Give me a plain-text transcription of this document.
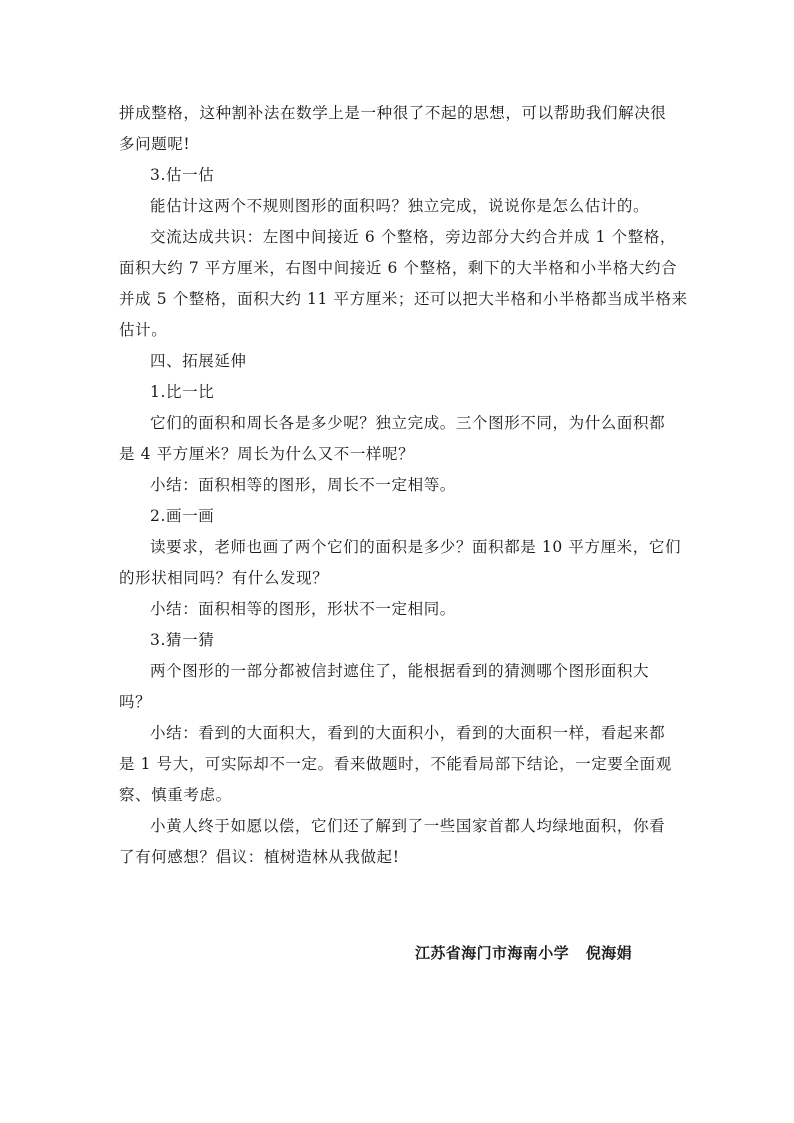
拼成整格，这种割补法在数学上是一种很了不起的思想，可以帮助我们解决很

多问题呢!

3.估一估

能估计这两个不规则图形的面积吗？独立完成，说说你是怎么估计的。

交流达成共识：左图中间接近 6 个整格，旁边部分大约合并成 1 个整格，

面积大约 7 平方厘米，右图中间接近 6 个整格，剩下的大半格和小半格大约合

并成 5 个整格，面积大约 11 平方厘米；还可以把大半格和小半格都当成半格来

估计。

四、拓展延伸

1.比一比

它们的面积和周长各是多少呢？独立完成。三个图形不同，为什么面积都

是 4 平方厘米？周长为什么又不一样呢？

小结：面积相等的图形，周长不一定相等。

2.画一画

读要求，老师也画了两个它们的面积是多少？面积都是 10 平方厘米，它们

的形状相同吗？有什么发现？

小结：面积相等的图形，形状不一定相同。

3.猜一猜

两个图形的一部分都被信封遮住了，能根据看到的猜测哪个图形面积大

吗？

小结：看到的大面积大，看到的大面积小，看到的大面积一样，看起来都

是 1 号大，可实际却不一定。看来做题时，不能看局部下结论，一定要全面观

察、慎重考虑。

小黄人终于如愿以偿，它们还了解到了一些国家首都人均绿地面积，你看

了有何感想？倡议：植树造林从我做起!

江苏省海门市海南小学   倪海娟
